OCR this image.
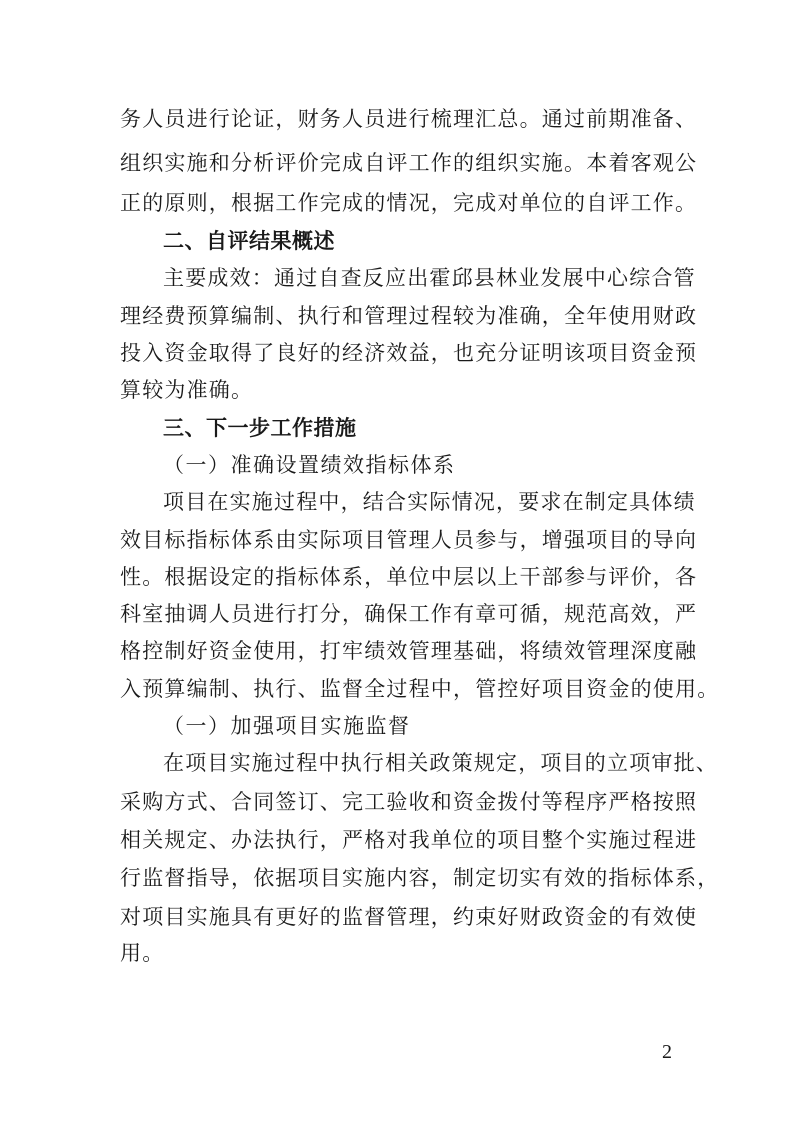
务人员进行论证，财务人员进行梳理汇总。通过前期准备、
组织实施和分析评价完成自评工作的组织实施。本着客观公
正的原则，根据工作完成的情况，完成对单位的自评工作。
二、自评结果概述
主要成效：通过自查反应出霍邱县林业发展中心综合管
理经费预算编制、执行和管理过程较为准确，全年使用财政
投入资金取得了良好的经济效益，也充分证明该项目资金预
算较为准确。
三、下一步工作措施
（一）准确设置绩效指标体系
项目在实施过程中，结合实际情况，要求在制定具体绩
效目标指标体系由实际项目管理人员参与，增强项目的导向
性。根据设定的指标体系，单位中层以上干部参与评价，各
科室抽调人员进行打分，确保工作有章可循，规范高效，严
格控制好资金使用，打牢绩效管理基础，将绩效管理深度融
入预算编制、执行、监督全过程中，管控好项目资金的使用。
（一）加强项目实施监督
在项目实施过程中执行相关政策规定，项目的立项审批、
采购方式、合同签订、完工验收和资金拨付等程序严格按照
相关规定、办法执行，严格对我单位的项目整个实施过程进
行监督指导，依据项目实施内容，制定切实有效的指标体系，
对项目实施具有更好的监督管理，约束好财政资金的有效使
用。
2
